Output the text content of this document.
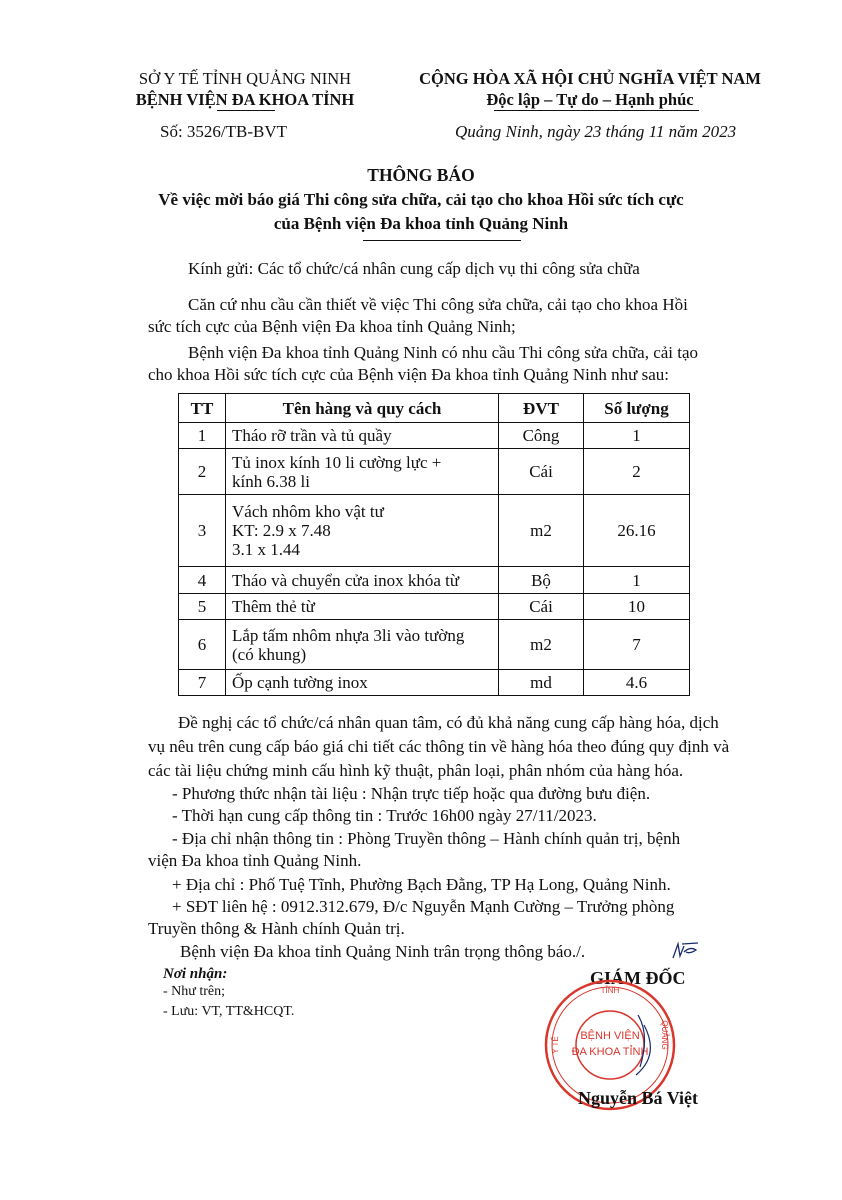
SỞ Y TẾ TỈNH QUẢNG NINH
BỆNH VIỆN ĐA KHOA TỈNH
CỘNG HÒA XÃ HỘI CHỦ NGHĨA VIỆT NAM
Độc lập – Tự do – Hạnh phúc
Số: 3526/TB-BVT	Quảng Ninh, ngày 23 tháng 11 năm 2023
THÔNG BÁO
Về việc mời báo giá Thi công sửa chữa, cải tạo cho khoa Hồi sức tích cực
của Bệnh viện Đa khoa tỉnh Quảng Ninh
Kính gửi: Các tổ chức/cá nhân cung cấp dịch vụ thi công sửa chữa
Căn cứ nhu cầu cần thiết về việc Thi công sửa chữa, cải tạo cho khoa Hồi
sức tích cực của Bệnh viện Đa khoa tỉnh Quảng Ninh;
Bệnh viện Đa khoa tỉnh Quảng Ninh có nhu cầu Thi công sửa chữa, cải tạo
cho khoa Hồi sức tích cực của Bệnh viện Đa khoa tỉnh Quảng Ninh như sau:
TT	Tên hàng và quy cách	ĐVT	Số lượng
1	Tháo rỡ trần và tủ quầy	Công	1
2	Tủ inox kính 10 li cường lực +
kính 6.38 li	Cái	2
3	Vách nhôm kho vật tư
KT: 2.9 x 7.48
3.1 x 1.44	m2	26.16
4	Tháo và chuyển cửa inox khóa từ	Bộ	1
5	Thêm thẻ từ	Cái	10
6	Lắp tấm nhôm nhựa 3li vào tường
(có khung)	m2	7
7	Ốp cạnh tường inox	md	4.6
Đề nghị các tổ chức/cá nhân quan tâm, có đủ khả năng cung cấp hàng hóa, dịch
vụ nêu trên cung cấp báo giá chi tiết các thông tin về hàng hóa theo đúng quy định và
các tài liệu chứng minh cấu hình kỹ thuật, phân loại, phân nhóm của hàng hóa.
- Phương thức nhận tài liệu : Nhận trực tiếp hoặc qua đường bưu điện.
- Thời hạn cung cấp thông tin : Trước 16h00 ngày 27/11/2023.
- Địa chỉ nhận thông tin : Phòng Truyền thông – Hành chính quản trị, bệnh
viện Đa khoa tỉnh Quảng Ninh.
+ Địa chỉ : Phố Tuệ Tĩnh, Phường Bạch Đằng, TP Hạ Long, Quảng Ninh.
+ SĐT liên hệ : 0912.312.679, Đ/c Nguyễn Mạnh Cường – Trưởng phòng
Truyền thông & Hành chính Quản trị.
Bệnh viện Đa khoa tỉnh Quảng Ninh trân trọng thông báo./.
Nơi nhận:
- Như trên;
- Lưu: VT, TT&HCQT.
GIÁM ĐỐC
BỆNH VIỆN
ĐA KHOA TỈNH
TỈNH
Y TẾ	QUẢNG
Nguyễn Bá Việt
